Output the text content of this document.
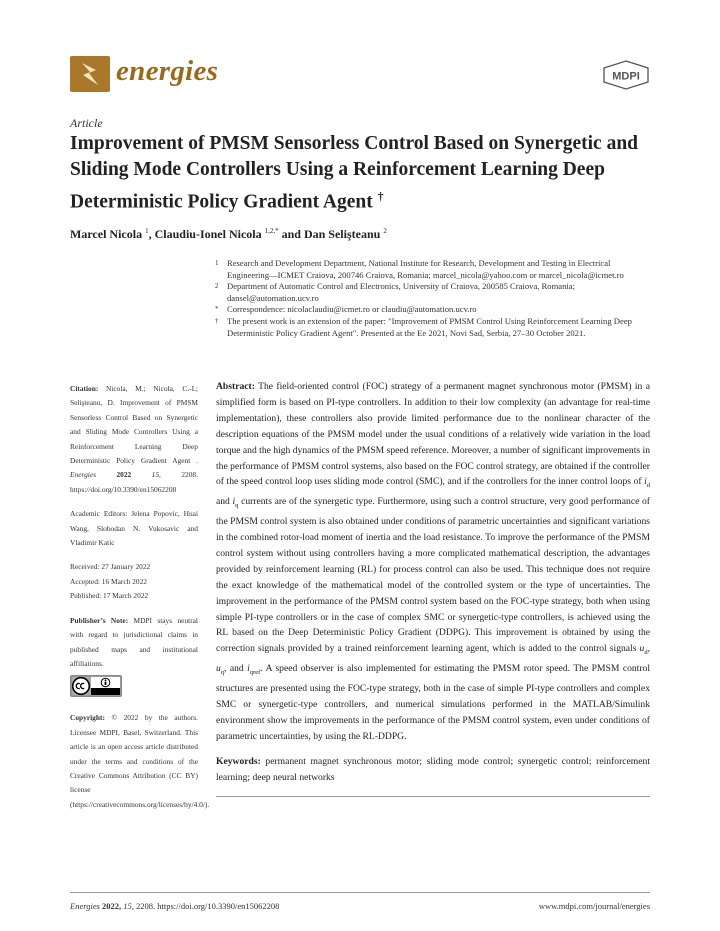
energies	MDPI
Article
Improvement of PMSM Sensorless Control Based on Synergetic and Sliding Mode Controllers Using a Reinforcement Learning Deep Deterministic Policy Gradient Agent †
Marcel Nicola $^1$, Claudiu-Ionel Nicola $^{1,2,*}$ and Dan Selişteanu $^2$
1 Research and Development Department, National Institute for Research, Development and Testing in Electrical Engineering—ICMET Craiova, 200746 Craiova, Romania; marcel_nicola@yahoo.com or marcel_nicola@icmet.ro
2 Department of Automatic Control and Electronics, University of Craiova, 200585 Craiova, Romania; dansel@automation.ucv.ro
* Correspondence: nicolaclaudiu@icmet.ro or claudiu@automation.ucv.ro
† The present work is an extension of the paper: "Improvement of PMSM Control Using Reinforcement Learning Deep Deterministic Policy Gradient Agent". Presented at the Ee 2021, Novi Sad, Serbia, 27–30 October 2021.

Citation: Nicola, M.; Nicola, C.-I.; Selişteanu, D. Improvement of PMSM Sensorless Control Based on Synergetic and Sliding Mode Controllers Using a Reinforcement Learning Deep Deterministic Policy Gradient Agent . Energies	2022	15,	2208. https://doi.org/10.3390/en15062208

Academic Editors: Jelena Popovic, Huai Wang, Slobodan N. Vukosavic and Vladimir Katic

Received: 27 January 2022

Accepted: 16 March 2022

Published: 17 March 2022

Publisher’s Note: MDPI stays neutral with regard to jurisdictional claims in published maps and institutional affiliations.

Copyright: © 2022 by the authors. Licensee MDPI, Basel, Switzerland. This article is an open access article distributed under the terms and conditions of the Creative Commons Attribution (CC BY) license (https://creativecommons.org/licenses/by/4.0/).

Abstract: The field-oriented control (FOC) strategy of a permanent magnet synchronous motor (PMSM) in a simplified form is based on PI-type controllers. In addition to their low complexity (an advantage for real-time implementation), these controllers also provide limited performance due to the nonlinear character of the description equations of the PMSM model under the usual conditions of a relatively wide variation in the load torque and the high dynamics of the PMSM speed reference. Moreover, a number of significant improvements in the performance of PMSM control systems, also based on the FOC control strategy, are obtained if the controller of the speed control loop uses sliding mode control (SMC), and if the controllers for the inner control loops of $i_d$ and $i_q$ currents are of the synergetic type. Furthermore, using such a control structure, very good performance of the PMSM control system is also obtained under conditions of parametric uncertainties and significant variations in the combined rotor-load moment of inertia and the load resistance. To improve the performance of the PMSM control system without using controllers having a more complicated mathematical description, the advantages provided by reinforcement learning (RL) for process control can also be used. This technique does not require the exact knowledge of the mathematical model of the controlled system or the type of uncertainties. The improvement in the performance of the PMSM control system based on the FOC-type strategy, both when using simple PI-type controllers or in the case of complex SMC or synergetic-type controllers, is achieved using the RL based on the Deep Deterministic Policy Gradient (DDPG). This improvement is obtained by using the correction signals provided by a trained reinforcement learning agent, which is added to the control signals $u_d$, $u_q$, and $i_{qref}$. A speed observer is also implemented for estimating the PMSM rotor speed. The PMSM control structures are presented using the FOC-type strategy, both in the case of simple PI-type controllers and complex SMC or synergetic-type controllers, and numerical simulations performed in the MATLAB/Simulink environment show the improvements in the performance of the PMSM control system, even under conditions of parametric uncertainties, by using the RL-DDPG.
Keywords: permanent magnet synchronous motor; sliding mode control; synergetic control; reinforcement learning; deep neural networks
Energies 2022, 15, 2208. https://doi.org/10.3390/en15062208	www.mdpi.com/journal/energies
